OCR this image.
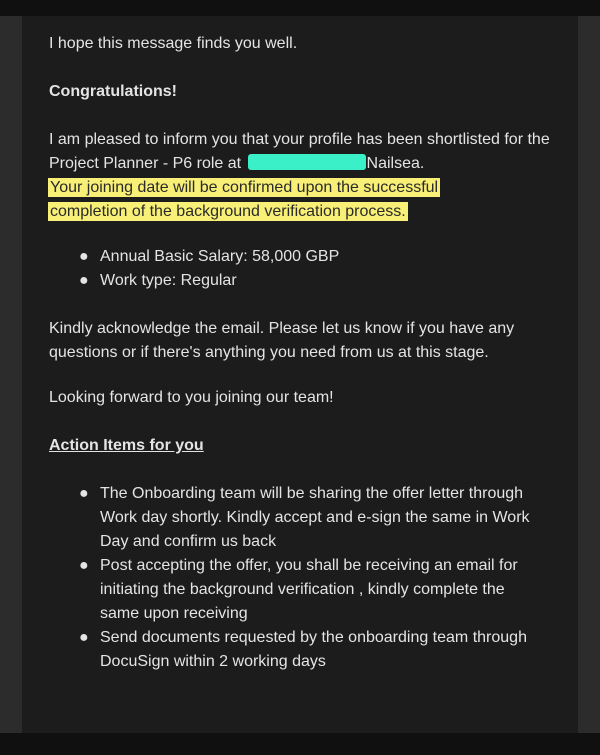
I hope this message finds you well.

Congratulations!

I am pleased to inform you that your profile has been shortlisted for the Project Planner - P6 role at	Nailsea.
Your joining date will be confirmed upon the successful
completion of the background verification process.

● Annual Basic Salary: 58,000 GBP
● Work type: Regular

Kindly acknowledge the email. Please let us know if you have any questions or if there's anything you need from us at this stage.

Looking forward to you joining our team!

Action Items for you

● The Onboarding team will be sharing the offer letter through Work day shortly. Kindly accept and e-sign the same in Work Day and confirm us back
● Post accepting the offer, you shall be receiving an email for initiating the background verification , kindly complete the same upon receiving
● Send documents requested by the onboarding team through DocuSign within 2 working days
